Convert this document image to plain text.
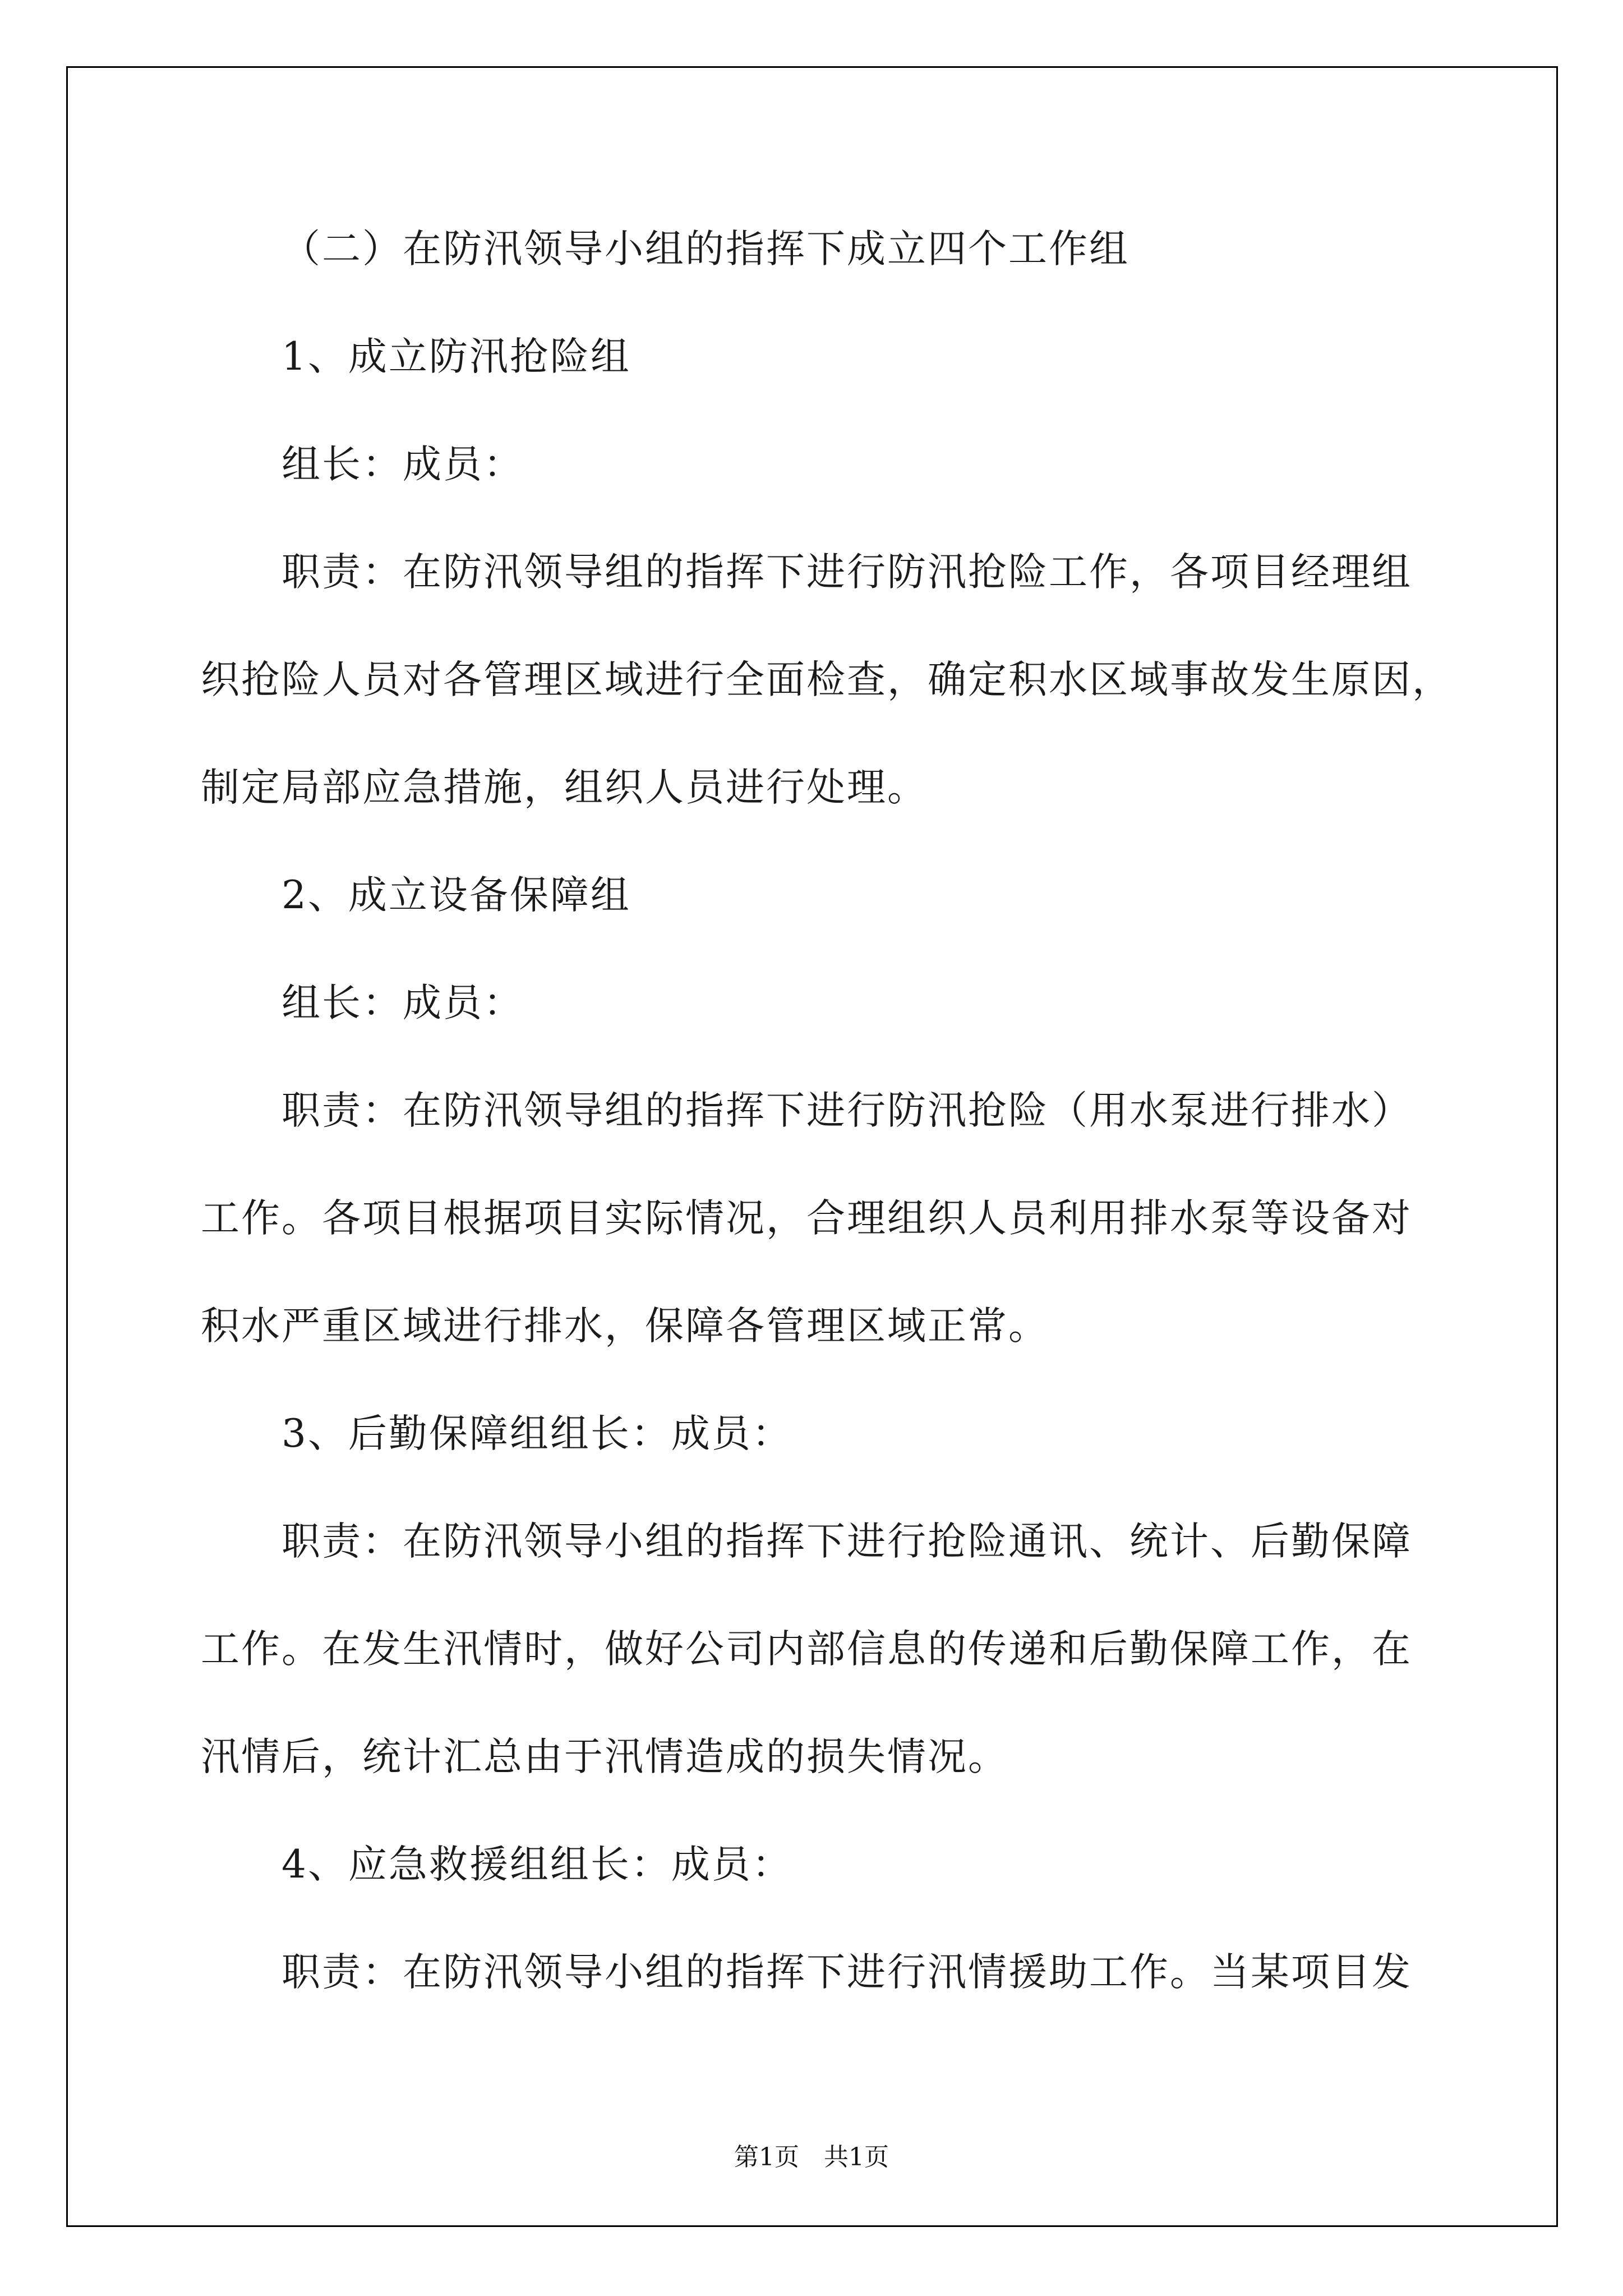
（二）在防汛领导小组的指挥下成立四个工作组
1、成立防汛抢险组
组长：成员：
职责：在防汛领导组的指挥下进行防汛抢险工作，各项目经理组
织抢险人员对各管理区域进行全面检查，确定积水区域事故发生原因，
制定局部应急措施，组织人员进行处理。
2、成立设备保障组
组长：成员：
职责：在防汛领导组的指挥下进行防汛抢险（用水泵进行排水）
工作。各项目根据项目实际情况，合理组织人员利用排水泵等设备对
积水严重区域进行排水，保障各管理区域正常。
3、后勤保障组组长：成员：
职责：在防汛领导小组的指挥下进行抢险通讯、统计、后勤保障
工作。在发生汛情时，做好公司内部信息的传递和后勤保障工作，在
汛情后，统计汇总由于汛情造成的损失情况。
4、应急救援组组长：成员：
职责：在防汛领导小组的指挥下进行汛情援助工作。当某项目发
第1页　共1页
